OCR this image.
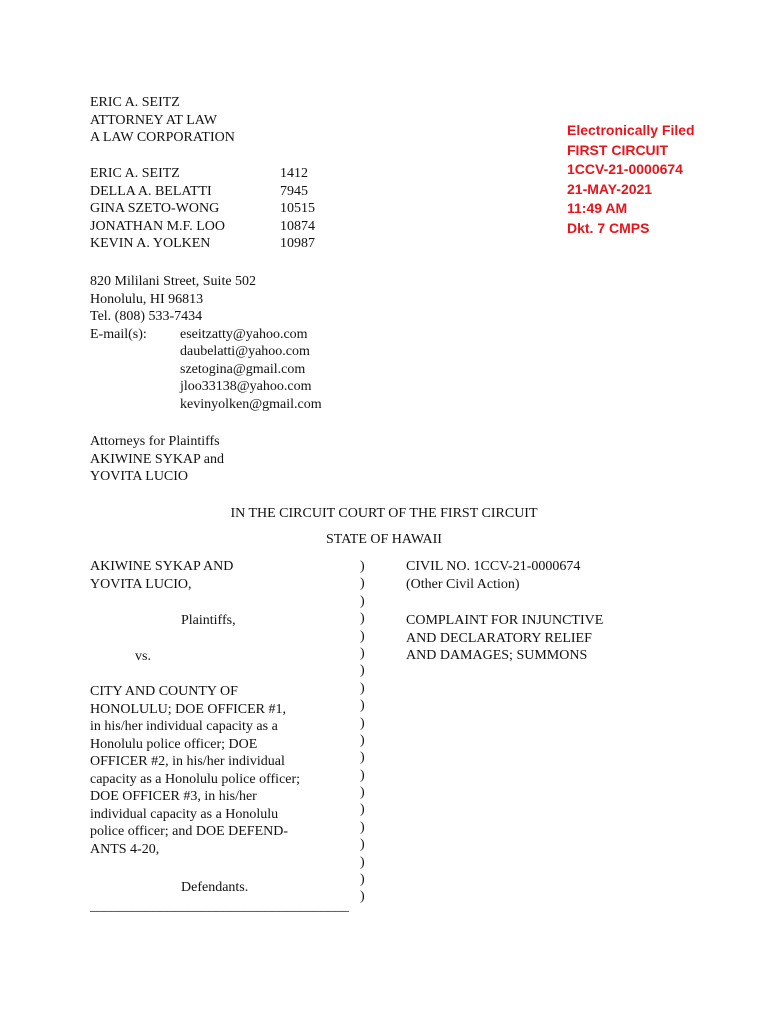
ERIC A. SEITZ
ATTORNEY AT LAW
A LAW CORPORATION
ERIC A. SEITZ	1412
DELLA A. BELATTI	7945
GINA SZETO-WONG	10515
JONATHAN M.F. LOO	10874
KEVIN A. YOLKEN	10987
820 Mililani Street, Suite 502
Honolulu, HI 96813
Tel. (808) 533-7434
E-mail(s): eseitzatty@yahoo.com
daubelatti@yahoo.com
szetogina@gmail.com
jloo33138@yahoo.com
kevinyolken@gmail.com
Attorneys for Plaintiffs
AKIWINE SYKAP and
YOVITA LUCIO
Electronically Filed
FIRST CIRCUIT
1CCV-21-0000674
21-MAY-2021
11:49 AM
Dkt. 7 CMPS
IN THE CIRCUIT COURT OF THE FIRST CIRCUIT
STATE OF HAWAII
AKIWINE SYKAP AND
YOVITA LUCIO,
Plaintiffs,
vs.
CITY AND COUNTY OF
HONOLULU; DOE OFFICER #1,
in his/her individual capacity as a
Honolulu police officer; DOE
OFFICER #2, in his/her individual
capacity as a Honolulu police officer;
DOE OFFICER #3, in his/her
individual capacity as a Honolulu
police officer; and DOE DEFEND-
ANTS 4-20,
Defendants.
_____________________________________
)
)
)
)
)
)
)
)
)
)
)
)
)
)
)
)
)
)
)
)
CIVIL NO. 1CCV-21-0000674
(Other Civil Action)
COMPLAINT FOR INJUNCTIVE
AND DECLARATORY RELIEF
AND DAMAGES; SUMMONS
